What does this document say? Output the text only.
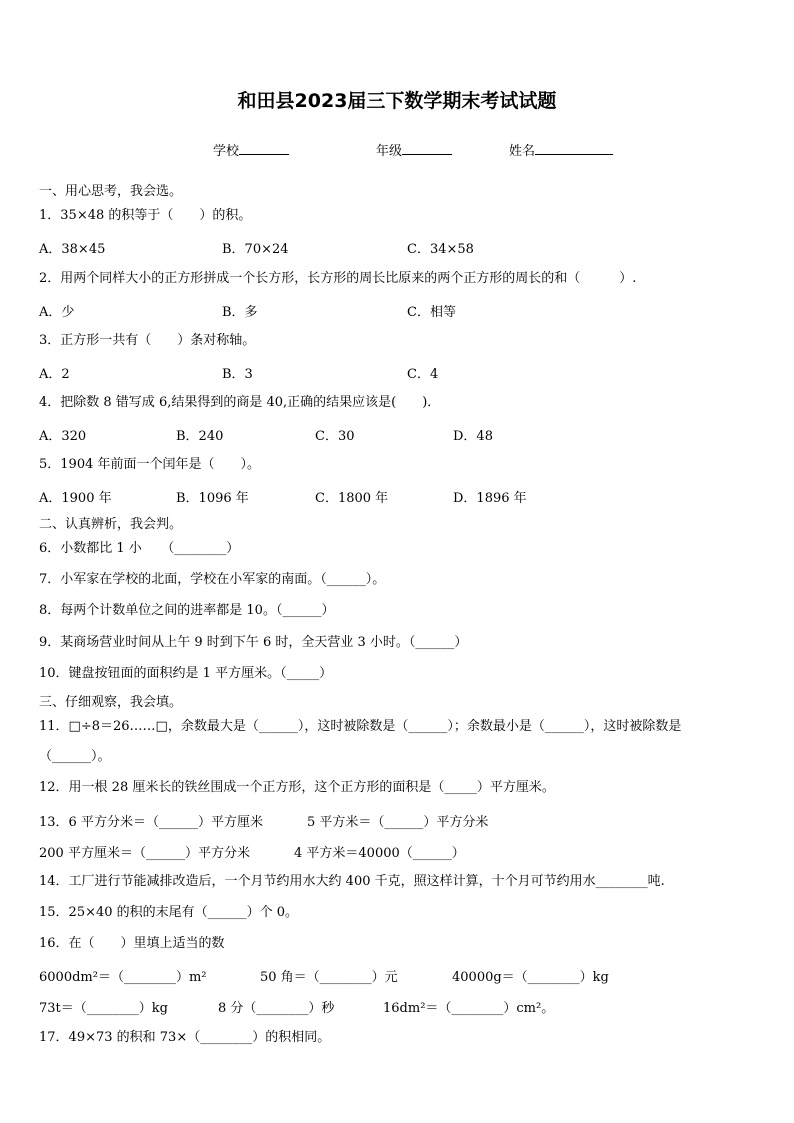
和田县2023届三下数学期末考试试题
学校	年级	姓名
一、用心思考，我会选。
1．35×48 的积等于（　　）的积。
A．38×45	B．70×24	C．34×58
2．用两个同样大小的正方形拼成一个长方形，长方形的周长比原来的两个正方形的周长的和（　　　）.
A．少	B．多	C．相等
3．正方形一共有（　　）条对称轴。
A．2	B．3	C．4
4．把除数 8 错写成 6,结果得到的商是 40,正确的结果应该是(　　)．
A．320	B．240	C．30	D．48
5．1904 年前面一个闰年是（　　）。
A．1900 年	B．1096 年	C．1800 年	D．1896 年
二、认真辨析，我会判。
6．小数都比 1 小　　（________）
7．小军家在学校的北面，学校在小军家的南面。（______）。
8．每两个计数单位之间的进率都是 10。（______）
9．某商场营业时间从上午 9 时到下午 6 时，全天营业 3 小时。（______）
10．键盘按钮面的面积约是 1 平方厘米。（_____）
三、仔细观察，我会填。
11．□÷8＝26……□，余数最大是（______），这时被除数是（______）；余数最小是（______），这时被除数是
（______）。
12．用一根 28 厘米长的铁丝围成一个正方形，这个正方形的面积是（_____）平方厘米。
13．6 平方分米＝（______）平方厘米	5 平方米＝（______）平方分米
200 平方厘米＝（______）平方分米	4 平方米＝40000（______）
14．工厂进行节能减排改造后，一个月节约用水大约 400 千克，照这样计算，十个月可节约用水________吨.
15．25×40 的积的末尾有（______）个 0。
16．在（　　）里填上适当的数
6000dm²＝（________）m²	50 角＝（________）元	40000g＝（________）kg
73t＝（________）kg	8 分（________）秒	16dm²＝（________）cm²。
17．49×73 的积和 73×（________）的积相同。
